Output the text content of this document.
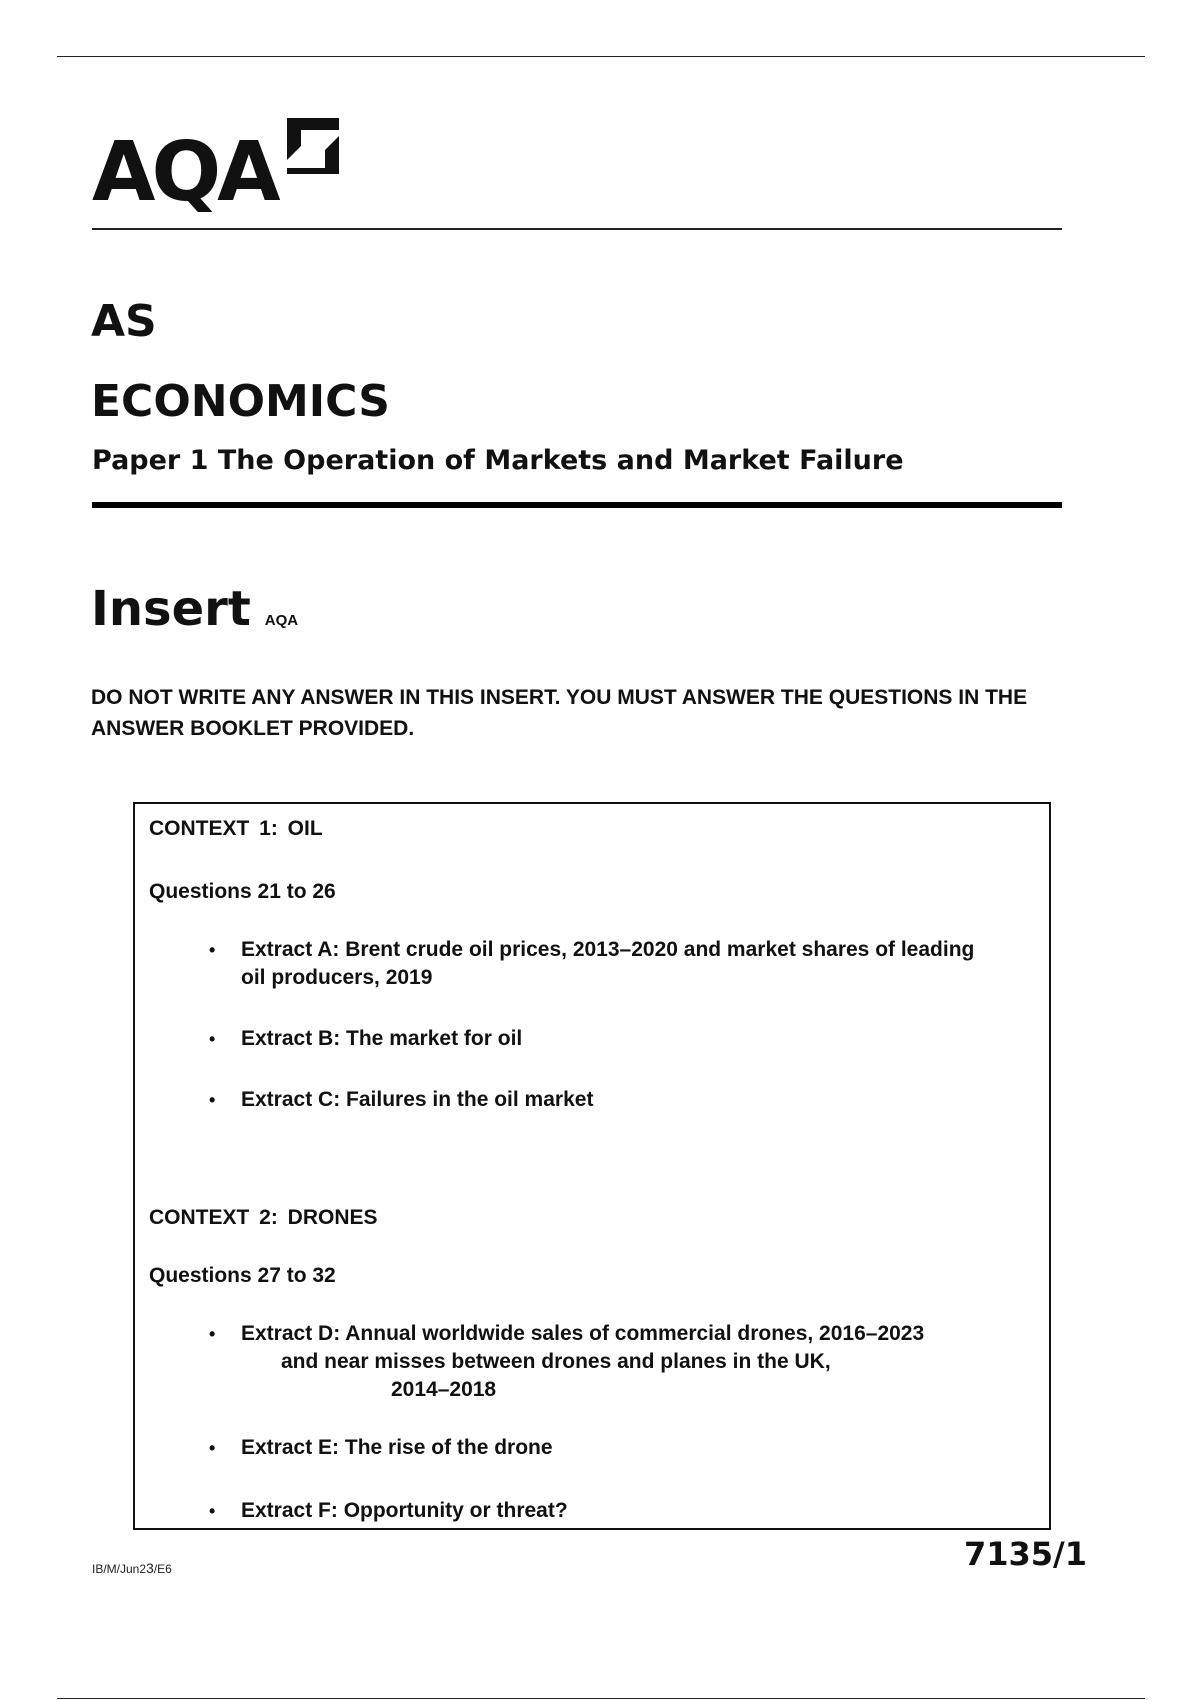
AQA
AS
ECONOMICS
Paper 1 The Operation of Markets and Market Failure
Insert AQA
DO NOT WRITE ANY ANSWER IN THIS INSERT. YOU MUST ANSWER THE QUESTIONS IN THE ANSWER BOOKLET PROVIDED.
CONTEXT 1: OIL
Questions 21 to 26
• Extract A: Brent crude oil prices, 2013–2020 and market shares of leading
oil producers, 2019
• Extract B: The market for oil
• Extract C: Failures in the oil market
CONTEXT 2: DRONES
Questions 27 to 32
• Extract D: Annual worldwide sales of commercial drones, 2016–2023
and near misses between drones and planes in the UK,
2014–2018
• Extract E: The rise of the drone
• Extract F: Opportunity or threat?
IB/M/Jun23/E6	7135/1
